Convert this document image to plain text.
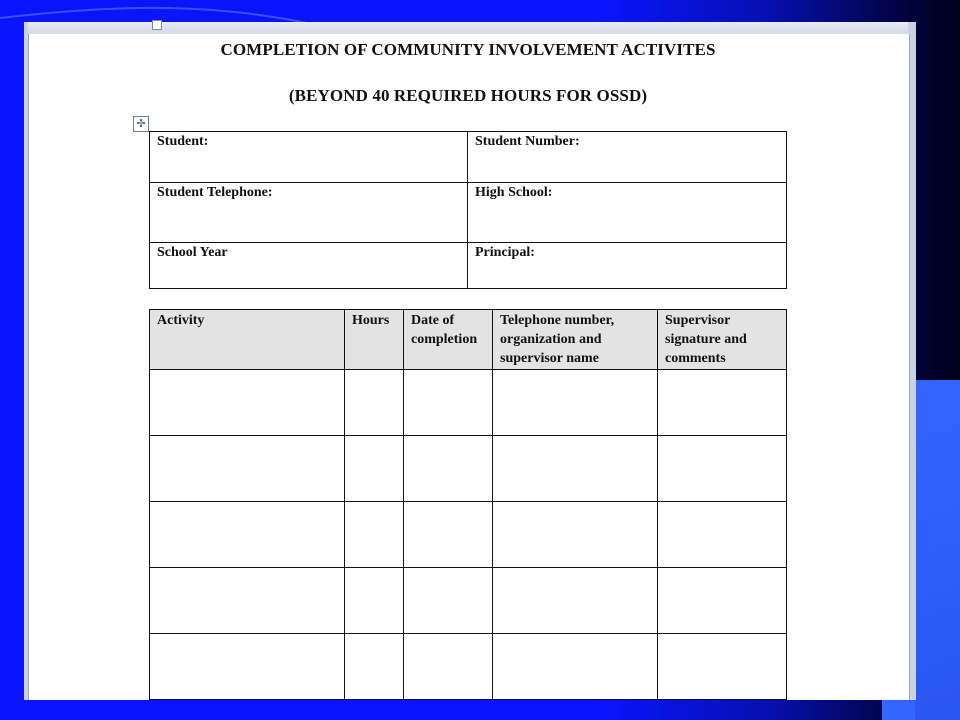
COMPLETION OF COMMUNITY INVOLVEMENT ACTIVITES
(BEYOND 40 REQUIRED HOURS FOR OSSD)
✢
Student:	Student Number:
Student Telephone:	High School:
School Year	Principal:
Activity	Hours	Date of completion	Telephone number, organization and supervisor name	Supervisor signature and comments
